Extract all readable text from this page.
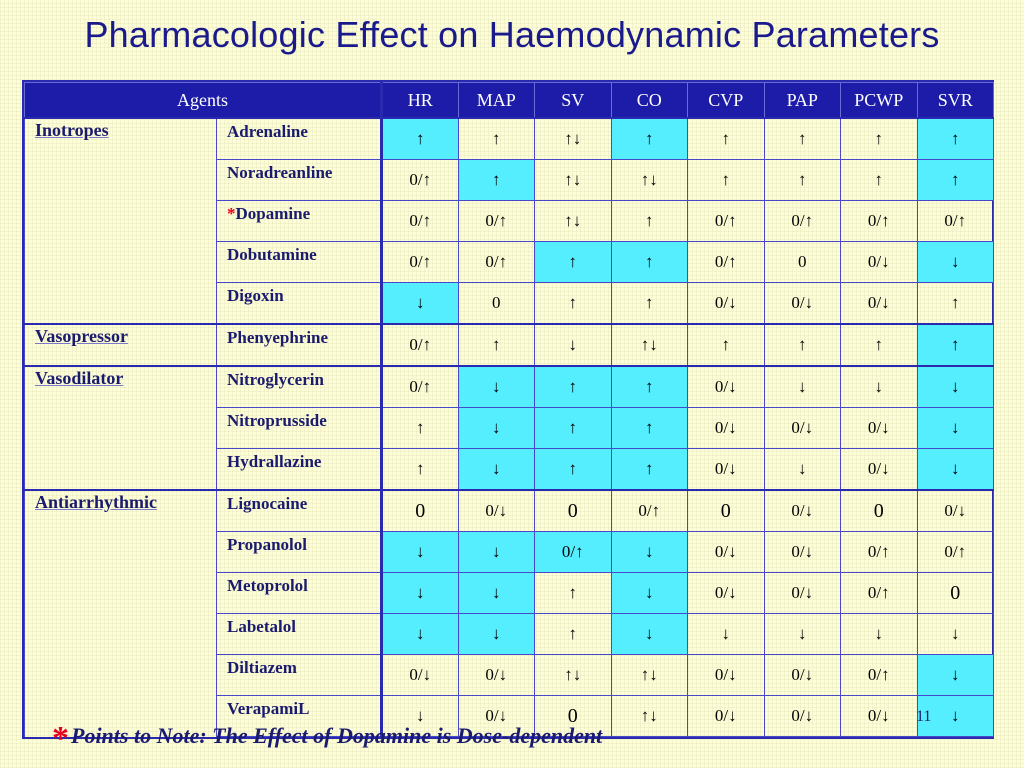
Pharmacologic Effect on Haemodynamic Parameters
Agents		HR	MAP	SV	CO	CVP	PAP	PCWP	SVR
Inotropes	Adrenaline	↑	↑	↑↓	↑	↑	↑	↑	↑
	Noradreanline	0/↑	↑	↑↓	↑↓	↑	↑	↑	↑
	*Dopamine	0/↑	0/↑	↑↓	↑	0/↑	0/↑	0/↑	0/↑
	Dobutamine	0/↑	0/↑	↑	↑	0/↑	0	0/↓	↓
	Digoxin	↓	0	↑	↑	0/↓	0/↓	0/↓	↑
Vasopressor	Phenyephrine	0/↑	↑	↓	↑↓	↑	↑	↑	↑
Vasodilator	Nitroglycerin	0/↑	↓	↑	↑	0/↓	↓	↓	↓
	Nitroprusside	↑	↓	↑	↑	0/↓	0/↓	0/↓	↓
	Hydrallazine	↑	↓	↑	↑	0/↓	↓	0/↓	↓
Antiarrhythmic	Lignocaine	0	0/↓	0	0/↑	0	0/↓	0	0/↓
	Propanolol	↓	↓	0/↑	↓	0/↓	0/↓	0/↑	0/↑
	Metoprolol	↓	↓	↑	↓	0/↓	0/↓	0/↑	0
	Labetalol	↓	↓	↑	↓	↓	↓	↓	↓
	Diltiazem	0/↓	0/↓	↑↓	↑↓	0/↓	0/↓	0/↑	↓
	VerapamiL	↓	0/↓	0	↑↓	0/↓	0/↓	0/↓	↓
*Points to Note: The Effect of Dopamine is Dose-dependent
11
